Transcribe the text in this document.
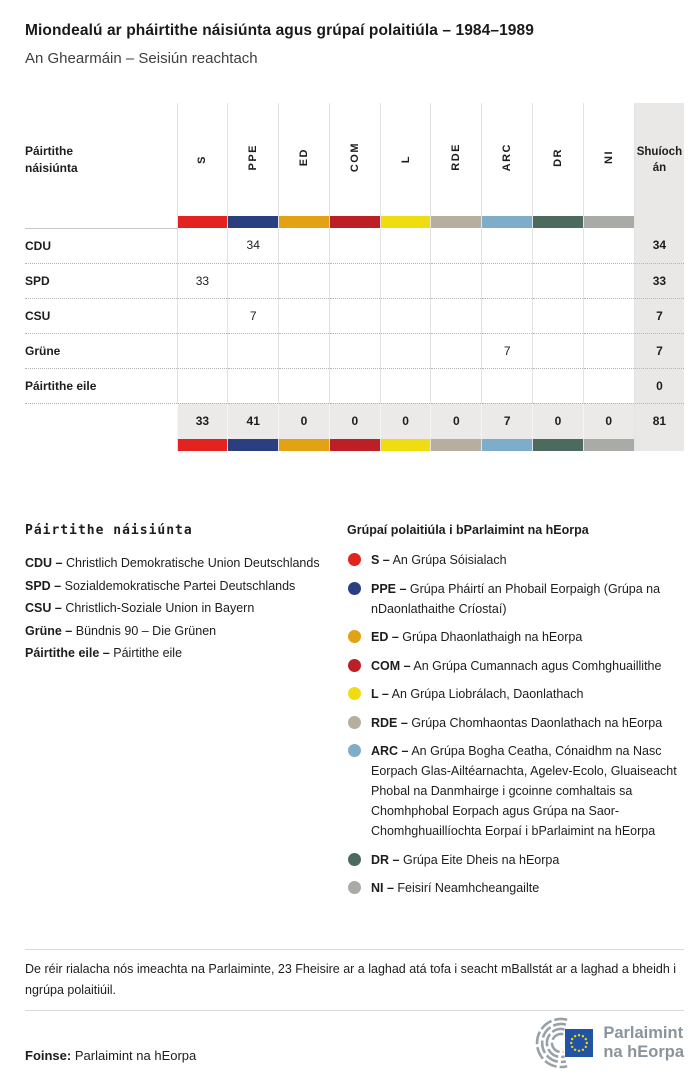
Miondealú ar pháirtithe náisiúnta agus grúpaí polaitiúla – 1984–1989
An Ghearmáin – Seisiún reachtach
Páirtithe náisiúnta	S	PPE	ED	COM	L	RDE	ARC	DR	NI	Shuíochán

CDU		34								34
SPD	33									33
CSU		7								7
Grüne							7			7
Páirtithe eile										0
	33	41	0	0	0	0	7	0	0	81

Páirtithe náisiúnta
CDU – Christlich Demokratische Union Deutschlands
SPD – Sozialdemokratische Partei Deutschlands
CSU – Christlich-Soziale Union in Bayern
Grüne – Bündnis 90 – Die Grünen
Páirtithe eile – Páirtithe eile
Grúpaí polaitiúla i bParlaimint na hEorpa
S – An Grúpa Sóisialach
PPE – Grúpa Pháirtí an Phobail Eorpaigh (Grúpa na nDaonlathaithe Críostaí)
ED – Grúpa Dhaonlathaigh na hEorpa
COM – An Grúpa Cumannach agus Comhghuaillithe
L – An Grúpa Liobrálach, Daonlathach
RDE – Grúpa Chomhaontas Daonlathach na hEorpa
ARC – An Grúpa Bogha Ceatha, Cónaidhm na Nasc Eorpach Glas-Ailtéarnachta, Agelev-Ecolo, Gluaiseacht Phobal na Danmhairge i gcoinne comhaltais sa Chomhphobal Eorpach agus Grúpa na Saor-Chomhghuaillíochta Eorpaí i bParlaimint na hEorpa
DR – Grúpa Eite Dheis na hEorpa
NI – Feisirí Neamhcheangailte

De réir rialacha nós imeachta na Parlaiminte, 23 Fheisire ar a laghad atá tofa i seacht mBallstát ar a laghad a bheidh i ngrúpa polaitiúil.

Foinse: Parlaimint na hEorpa

Parlaimint
na hEorpa
